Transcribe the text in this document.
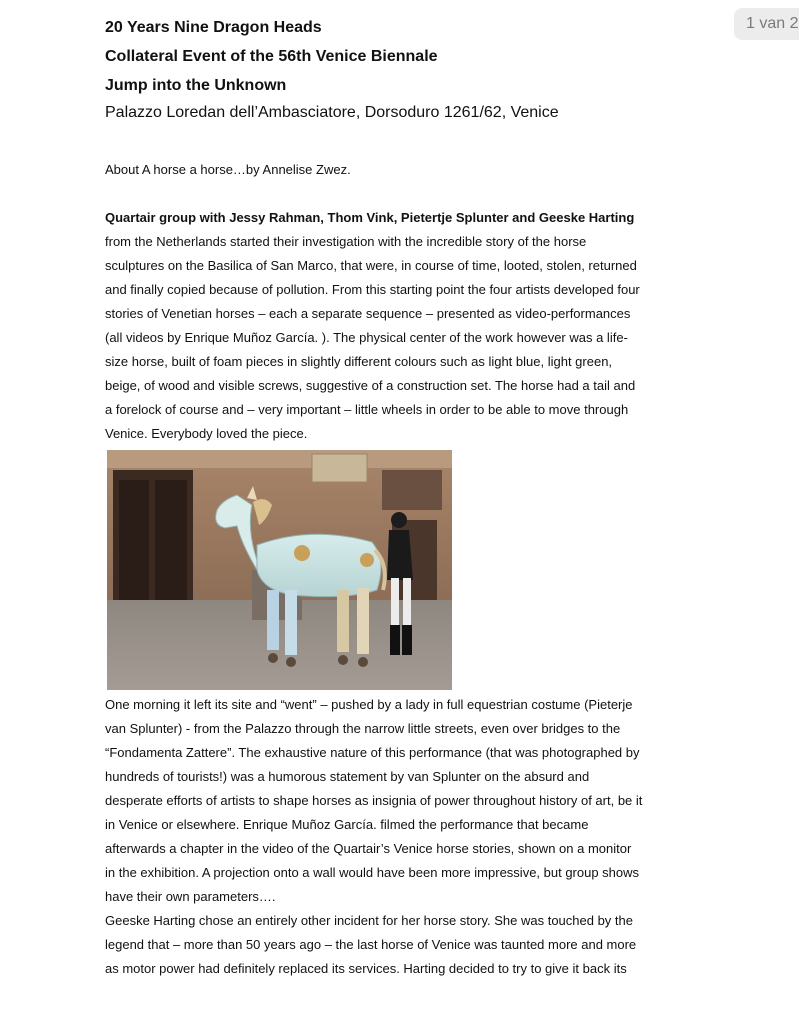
1 van 2
20 Years Nine Dragon Heads
Collateral Event of the 56th Venice Biennale
Jump into the Unknown
Palazzo Loredan dell’Ambasciatore, Dorsoduro 1261/62, Venice
About A horse a horse…by Annelise Zwez.
Quartair group with Jessy Rahman, Thom Vink, Pietertje Splunter and Geeske Harting
from the Netherlands started their investigation with the incredible story of the horse
sculptures on the Basilica of San Marco, that were, in course of time, looted, stolen, returned
and finally copied because of pollution. From this starting point the four artists developed four
stories of Venetian horses – each a separate sequence – presented as video-performances
(all videos by Enrique Muñoz García. ). The physical center of the work however was a life-
size horse, built of foam pieces in slightly different colours such as light blue, light green,
beige, of wood and visible screws, suggestive of a construction set. The horse had a tail and
a forelock of course and – very important – little wheels in order to be able to move through
Venice. Everybody loved the piece.
One morning it left its site and “went” – pushed by a lady in full equestrian costume (Pieterje
van Splunter) - from the Palazzo through the narrow little streets, even over bridges to the
“Fondamenta Zattere”. The exhaustive nature of this performance (that was photographed by
hundreds of tourists!) was a humorous statement by van Splunter on the absurd and
desperate efforts of artists to shape horses as insignia of power throughout history of art, be it
in Venice or elsewhere. Enrique Muñoz García. filmed the performance that became
afterwards a chapter in the video of the Quartair’s Venice horse stories, shown on a monitor
in the exhibition. A projection onto a wall would have been more impressive, but group shows
have their own parameters….
Geeske Harting chose an entirely other incident for her horse story. She was touched by the
legend that – more than 50 years ago – the last horse of Venice was taunted more and more
as motor power had definitely replaced its services. Harting decided to try to give it back its
